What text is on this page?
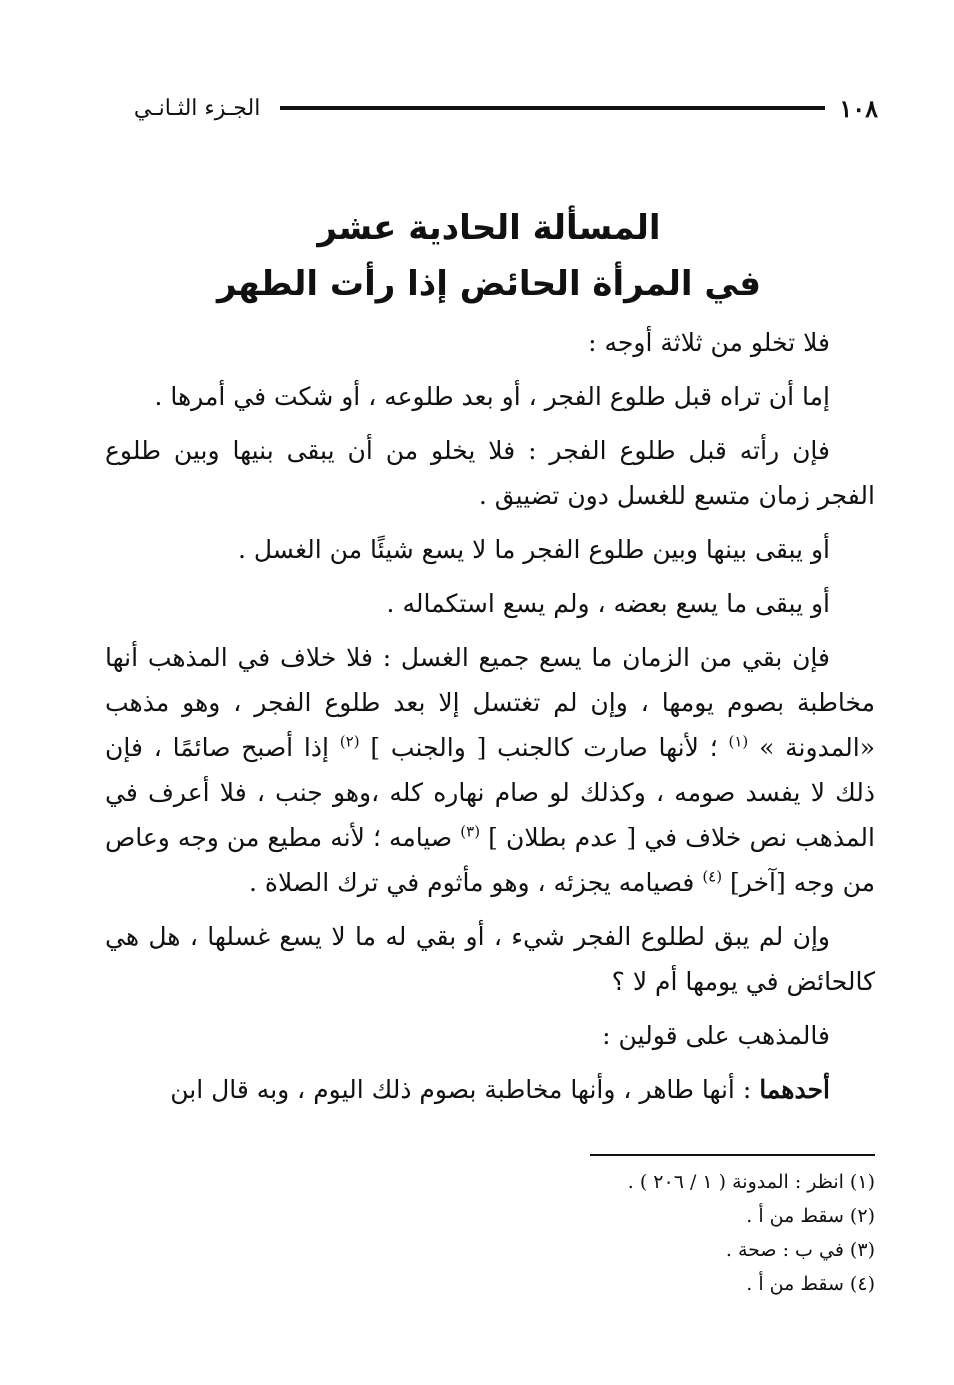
١٠٨
الجـزء الثـانـي
المسألة الحادية عشر
في المرأة الحائض إذا رأت الطهر

فلا تخلو من ثلاثة أوجه :

إما أن تراه قبل طلوع الفجر ، أو بعد طلوعه ، أو شكت في أمرها .

فإن رأته قبل طلوع الفجر : فلا يخلو من أن يبقى بنيها وبين طلوع الفجر زمان متسع للغسل دون تضييق .

أو يبقى بينها وبين طلوع الفجر ما لا يسع شيئًا من الغسل .

أو يبقى ما يسع بعضه ، ولم يسع استكماله .

فإن بقي من الزمان ما يسع جميع الغسل : فلا خلاف في المذهب أنها مخاطبة بصوم يومها ، وإن لم تغتسل إلا بعد طلوع الفجر ، وهو مذهب «المدونة » $^{(١)}$ ؛ لأنها صارت كالجنب [ والجنب ] $^{(٢)}$ إذا أصبح صائمًا ، فإن ذلك لا يفسد صومه ، وكذلك لو صام نهاره كله ،وهو جنب ، فلا أعرف في المذهب نص خلاف في [ عدم بطلان ] $^{(٣)}$ صيامه ؛ لأنه مطيع من وجه وعاص من وجه [آخر] $^{(٤)}$ فصيامه يجزئه ، وهو مأثوم في ترك الصلاة .

وإن لم يبق لطلوع الفجر شيء ، أو بقي له ما لا يسع غسلها ، هل هي كالحائض في يومها أم لا ؟

فالمذهب على قولين :

أحدهما : أنها طاهر ، وأنها مخاطبة بصوم ذلك اليوم ، وبه قال ابن

(١) انظر : المدونة ( ١ / ٢٠٦ ) .

(٢) سقط من أ .

(٣) في ب : صحة .

(٤) سقط من أ .
